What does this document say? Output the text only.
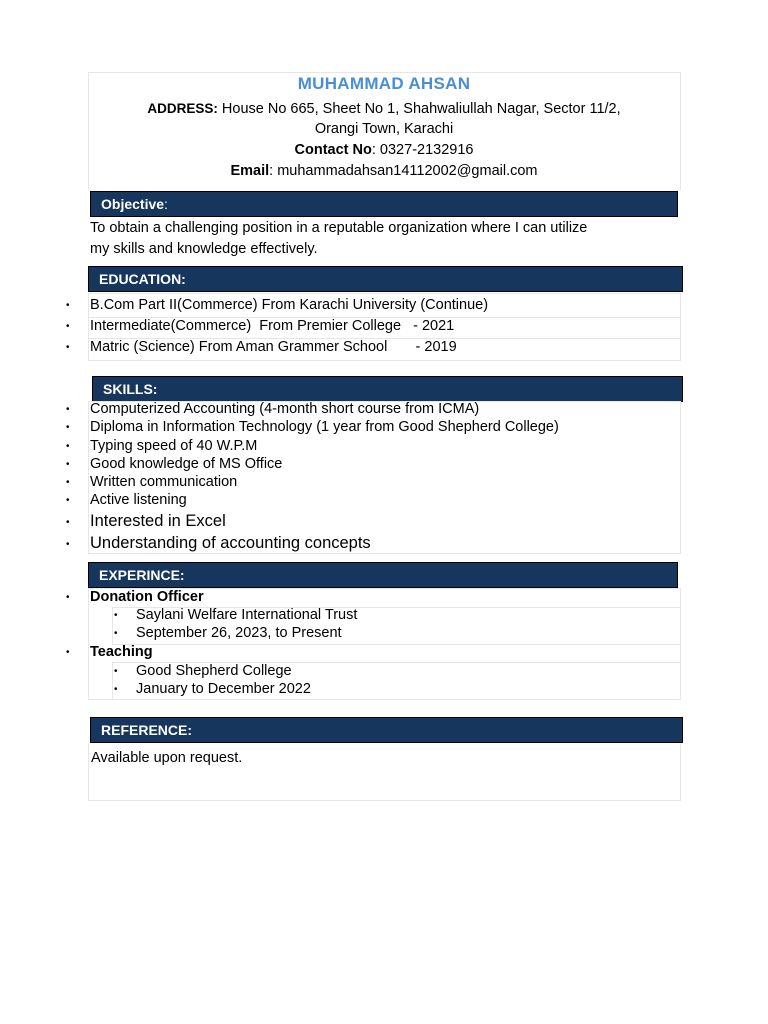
MUHAMMAD AHSAN
ADDRESS: House No 665, Sheet No 1, Shahwaliullah Nagar, Sector 11/2,
Orangi Town, Karachi
Contact No: 0327-2132916
Email: muhammadahsan14112002@gmail.com
Objective:
To obtain a challenging position in a reputable organization where I can utilize
my skills and knowledge effectively.
EDUCATION:
• B.Com Part II(Commerce) From Karachi University (Continue)
• Intermediate(Commerce)  From Premier College   - 2021
• Matric (Science) From Aman Grammer School       - 2019
SKILLS:
• Computerized Accounting (4-month short course from ICMA)
• Diploma in Information Technology (1 year from Good Shepherd College)
• Typing speed of 40 W.P.M
• Good knowledge of MS Office
• Written communication
• Active listening
• Interested in Excel
• Understanding of accounting concepts
EXPERINCE:
• Donation Officer
• Saylani Welfare International Trust
• September 26, 2023, to Present
• Teaching
• Good Shepherd College
• January to December 2022
REFERENCE:
Available upon request.
